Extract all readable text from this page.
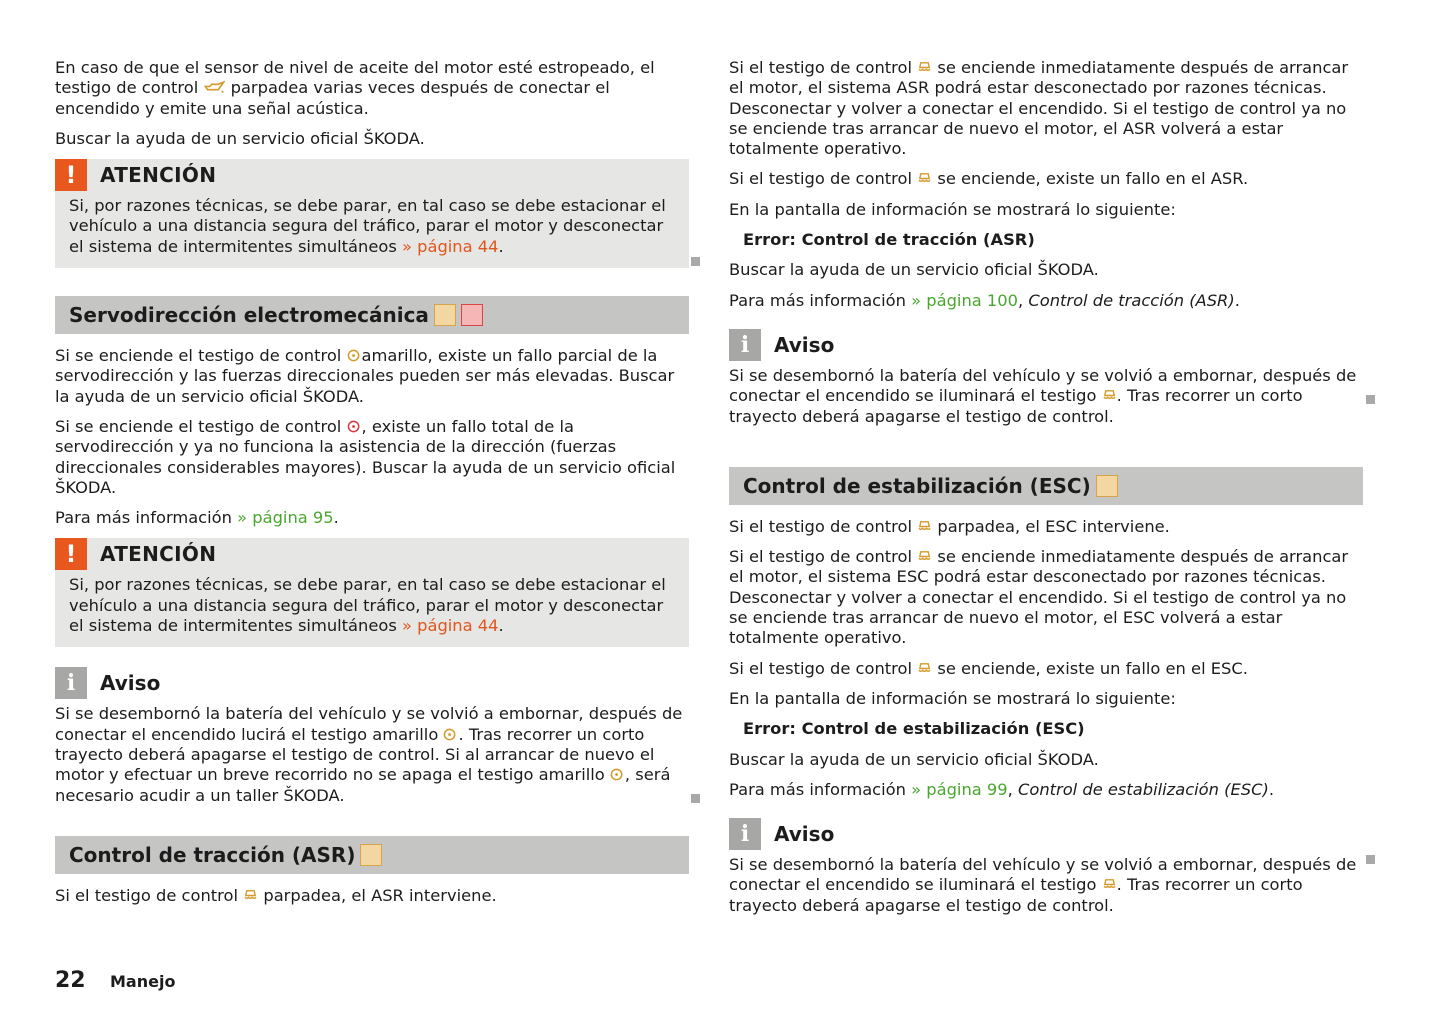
En caso de que el sensor de nivel de aceite del motor esté estropeado, el testigo de control parpadea varias veces después de conectar el encendido y emite una señal acústica.

Buscar la ayuda de un servicio oficial ŠKODA.

!	ATENCIÓN

Si, por razones técnicas, se debe parar, en tal caso se debe estacionar el vehículo a una distancia segura del tráfico, parar el motor y desconectar el sistema de intermitentes simultáneos » página 44.

Servodirección electromecánica

Si se enciende el testigo de control amarillo, existe un fallo parcial de la servodirección y las fuerzas direccionales pueden ser más elevadas. Buscar la ayuda de un servicio oficial ŠKODA.

Si se enciende el testigo de control , existe un fallo total de la servodirección y ya no funciona la asistencia de la dirección (fuerzas direccionales considerables mayores). Buscar la ayuda de un servicio oficial ŠKODA.

Para más información » página 95.

!	ATENCIÓN

Si, por razones técnicas, se debe parar, en tal caso se debe estacionar el vehículo a una distancia segura del tráfico, parar el motor y desconectar el sistema de intermitentes simultáneos » página 44.

i	Aviso

Si se desembornó la batería del vehículo y se volvió a embornar, después de conectar el encendido lucirá el testigo amarillo . Tras recorrer un corto trayecto deberá apagarse el testigo de control. Si al arrancar de nuevo el motor y efectuar un breve recorrido no se apaga el testigo amarillo , será necesario acudir a un taller ŠKODA.

Control de tracción (ASR)

Si el testigo de control parpadea, el ASR interviene.

Si el testigo de control se enciende inmediatamente después de arrancar el motor, el sistema ASR podrá estar desconectado por razones técnicas. Desconectar y volver a conectar el encendido. Si el testigo de control ya no se enciende tras arrancar de nuevo el motor, el ASR volverá a estar totalmente operativo.

Si el testigo de control se enciende, existe un fallo en el ASR.

En la pantalla de información se mostrará lo siguiente:

Error: Control de tracción (ASR)

Buscar la ayuda de un servicio oficial ŠKODA.

Para más información » página 100, Control de tracción (ASR).

i	Aviso

Si se desembornó la batería del vehículo y se volvió a embornar, después de conectar el encendido se iluminará el testigo . Tras recorrer un corto trayecto deberá apagarse el testigo de control.

Control de estabilización (ESC)

Si el testigo de control parpadea, el ESC interviene.

Si el testigo de control se enciende inmediatamente después de arrancar el motor, el sistema ESC podrá estar desconectado por razones técnicas. Desconectar y volver a conectar el encendido. Si el testigo de control ya no se enciende tras arrancar de nuevo el motor, el ESC volverá a estar totalmente operativo.

Si el testigo de control se enciende, existe un fallo en el ESC.

En la pantalla de información se mostrará lo siguiente:

Error: Control de estabilización (ESC)

Buscar la ayuda de un servicio oficial ŠKODA.

Para más información » página 99, Control de estabilización (ESC).

i	Aviso

Si se desembornó la batería del vehículo y se volvió a embornar, después de conectar el encendido se iluminará el testigo . Tras recorrer un corto trayecto deberá apagarse el testigo de control.

22 Manejo
